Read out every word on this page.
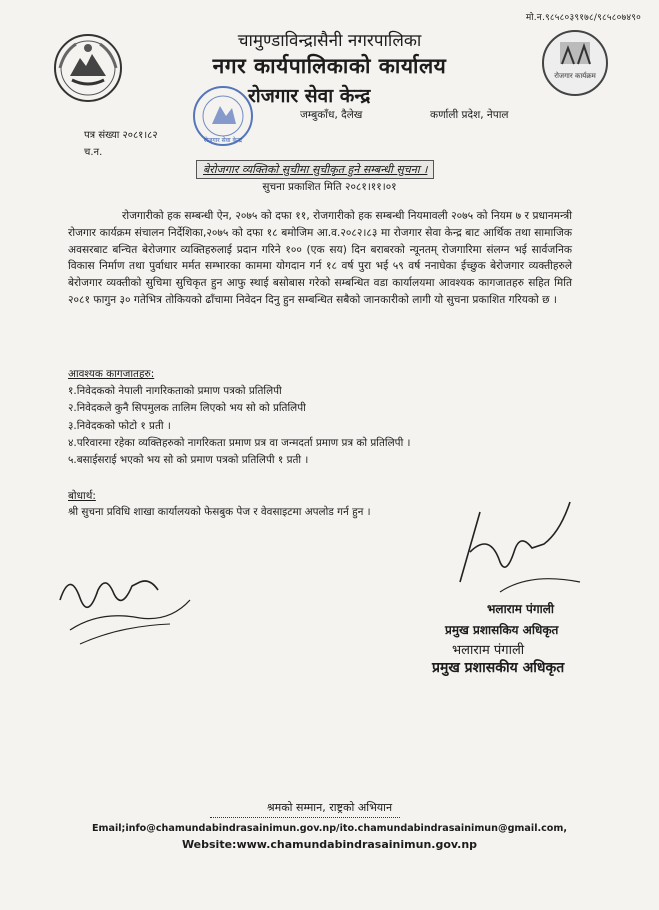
मो.न.९८५८०३९१७८/९८५८०७४९०
रोजगार कार्यक्रम
चामुण्डाविन्द्रासैनी नगरपालिका
नगर कार्यपालिकाको कार्यालय
रोजगार सेवा केन्द्र
रोजगार सेवा केन्द्र
जम्बुकाँध, दैलेख	कर्णाली प्रदेश, नेपाल
पत्र संख्या २०८१।८२
च.न.
बेरोजगार व्यक्तिको सुचीमा सुचीकृत हुने सम्बन्धी सुचना ।
सुचना प्रकाशित मिति २०८१।११।०१

रोजगारीको हक सम्बन्धी ऐन, २०७५ को दफा ११, रोजगारीको हक सम्बन्धी नियमावली २०७५ को नियम ७ र प्रधानमन्त्री रोजगार कार्यक्रम संचालन निर्देशिका,२०७५ को दफा १८ बमोजिम आ.व.२०८२।८३ मा रोजगार सेवा केन्द्र बाट आर्थिक तथा सामाजिक अवसरबाट बन्चित बेरोजगार व्यक्तिहरुलाई प्रदान गरिने १०० (एक सय) दिन बराबरको न्यूनतम् रोजगारिमा संलग्न भई सार्वजनिक विकास निर्माण तथा पुर्वाधार मर्मत सम्भारका काममा योगदान गर्न १८ वर्ष पुरा भई ५९ वर्ष ननाघेका ईच्छुक बेरोजगार व्यक्तीहरुले बेरोजगार व्यक्तीको सुचिमा सुचिकृत हुन आफु स्थाई बसोबास गरेको सम्बन्धित वडा कार्यालयमा आवश्यक कागजातहरु सहित मिति २०८१ फागुन ३० गतेभित्र तोकियको ढाँचामा निवेदन दिनु हुन सम्बन्धित सबैको जानकारीको लागी यो सुचना प्रकाशित गरियको छ ।

आवश्यक कागजातहरु:
१.निवेदकको नेपाली नागरिकताको प्रमाण पत्रको प्रतिलिपी
२.निवेदकले कुनै सिपमुलक तालिम लिएको भय सो को प्रतिलिपी
३.निवेदकको फोटो १ प्रती ।
४.परिवारमा रहेका व्यक्तिहरुको नागरिकता प्रमाण प्रत्र वा जन्मदर्ता प्रमाण प्रत्र को प्रतिलिपी ।
५.बसाईसराई भएको भय सो को प्रमाण पत्रको प्रतिलिपी १ प्रती ।
बोधार्थ:
श्री सुचना प्रविधि शाखा कार्यालयको फेसबुक पेज र वेवसाइटमा अपलोड गर्न हुन ।
भलाराम पंगाली
प्रमुख प्रशासकिय अधिकृत
भलाराम पंगाली
प्रमुख प्रशासकीय अधिकृत
श्रमको सम्मान, राष्ट्रको अभियान
Email;info@chamundabindrasainimun.gov.np/ito.chamundabindrasainimun@gmail.com,
Website:www.chamundabindrasainimun.gov.np
